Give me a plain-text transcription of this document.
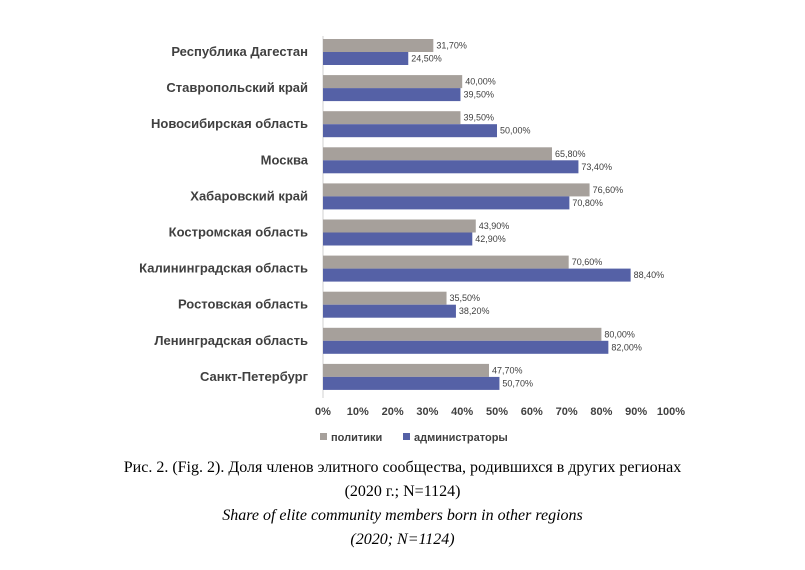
Республика Дагестан	31,70%
24,50%
Ставропольский край	40,00%
39,50%
Новосибирская область	39,50%
50,00%
Москва	65,80%
73,40%
Хабаровский край	76,60%
70,80%
Костромская область	43,90%
42,90%
Калининградская область	70,60%
88,40%
Ростовская область	35,50%
38,20%
Ленинградская область	80,00%
82,00%
Санкт-Петербург	47,70%
50,70%
0% 10% 20% 30% 40% 50% 60% 70% 80% 90% 100%
политики	администраторы
Рис. 2. (Fig. 2). Доля членов элитного сообщества, родившихся в других регионах
(2020 г.; N=1124)
Share of elite community members born in other regions
(2020; N=1124)
